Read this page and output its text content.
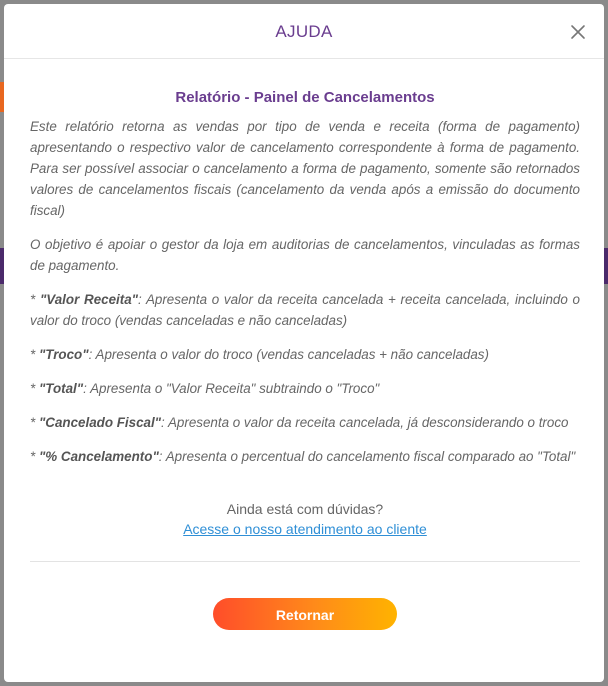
AJUDA
Relatório - Painel de Cancelamentos

Este relatório retorna as vendas por tipo de venda e receita (forma de pagamento) apresentando o respectivo valor de cancelamento correspondente à forma de pagamento. Para ser possível associar o cancelamento a forma de pagamento, somente são retornados valores de cancelamentos fiscais (cancelamento da venda após a emissão do documento fiscal)

O objetivo é apoiar o gestor da loja em auditorias de cancelamentos, vinculadas as formas de pagamento.

* "Valor Receita": Apresenta o valor da receita cancelada + receita cancelada, incluindo o valor do troco (vendas canceladas e não canceladas)

* "Troco": Apresenta o valor do troco (vendas canceladas + não canceladas)

* "Total": Apresenta o "Valor Receita" subtraindo o "Troco"

* "Cancelado Fiscal": Apresenta o valor da receita cancelada, já desconsiderando o troco

* "% Cancelamento": Apresenta o percentual do cancelamento fiscal comparado ao "Total"

Ainda está com dúvidas?
Acesse o nosso atendimento ao cliente
Retornar
